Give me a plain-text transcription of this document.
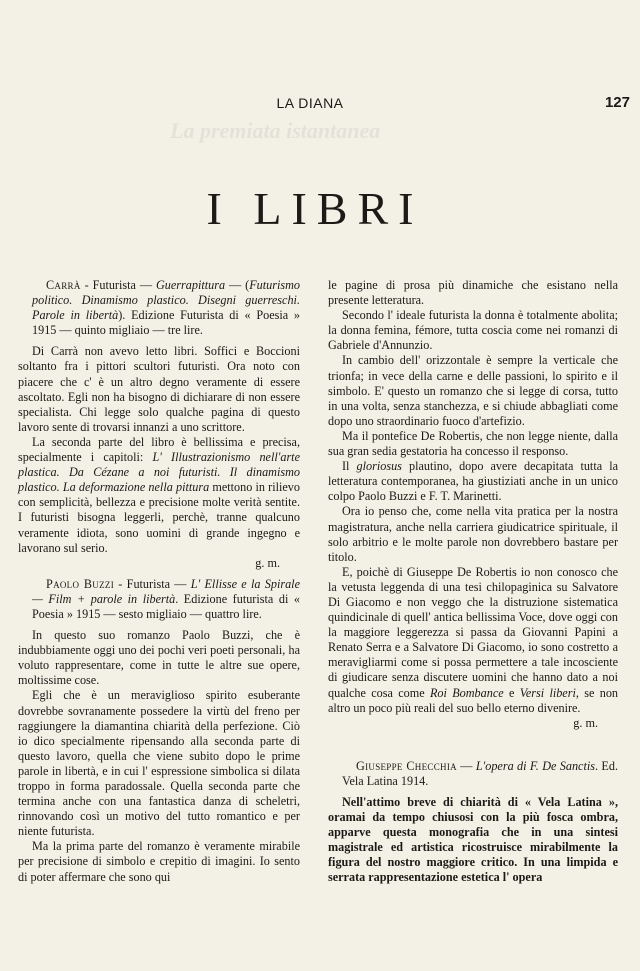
La premiata istantanea
LA DIANA	127
I LIBRI

Carrà - Futurista — Guerrapittura — (Futurismo politico. Dinamismo plastico. Disegni guerreschi. Parole in libertà). Edizione Futurista di « Poesia » 1915 — quinto migliaio — tre lire.

Di Carrà non avevo letto libri. Soffici e Boccioni soltanto fra i pittori scultori futuristi. Ora noto con piacere che c' è un altro degno veramente di essere ascoltato. Egli non ha bisogno di dichiarare di non essere specialista. Chi legge solo qualche pagina di questo lavoro sente di trovarsi innanzi a uno scrittore.

La seconda parte del libro è bellissima e precisa, specialmente i capitoli: L' Illustrazionismo nell'arte plastica. Da Cézane a noi futuristi. Il dinamismo plastico. La deformazione nella pittura mettono in rilievo con semplicità, bellezza e precisione molte verità sentite. I futuristi bisogna leggerli, perchè, tranne qualcuno veramente idiota, sono uomini di grande ingegno e lavorano sul serio.

g. m.

Paolo Buzzi - Futurista — L' Ellisse e la Spirale — Film + parole in libertà. Edizione futurista di « Poesia » 1915 — sesto migliaio — quattro lire.

In questo suo romanzo Paolo Buzzi, che è indubbiamente oggi uno dei pochi veri poeti personali, ha voluto rappresentare, come in tutte le altre sue opere, moltissime cose.

Egli che è un meraviglioso spirito esuberante dovrebbe sovranamente possedere la virtù del freno per raggiungere la diamantina chiarità della perfezione. Ciò io dico specialmente ripensando alla seconda parte di questo lavoro, quella che viene subito dopo le prime parole in libertà, e in cui l' espressione simbolica si dilata troppo in forma paradossale. Quella seconda parte che termina anche con una fantastica danza di scheletri, rinnovando così un motivo del tutto romantico e per niente futurista.

Ma la prima parte del romanzo è veramente mirabile per precisione di simbolo e crepitio di imagini. Io sento di poter affermare che sono qui

le pagine di prosa più dinamiche che esistano nella presente letteratura.

Secondo l' ideale futurista la donna è totalmente abolita; la donna femina, fémore, tutta coscia come nei romanzi di Gabriele d'Annunzio.

In cambio dell' orizzontale è sempre la verticale che trionfa; in vece della carne e delle passioni, lo spirito e il simbolo. E' questo un romanzo che si legge di corsa, tutto in una volta, senza stanchezza, e si chiude abbagliati come dopo uno straordinario fuoco d'artefizio.

Ma il pontefice De Robertis, che non legge niente, dalla sua gran sedia gestatoria ha concesso il responso.

Il gloriosus plautino, dopo avere decapitata tutta la letteratura contemporanea, ha giustiziati anche in un unico colpo Paolo Buzzi e F. T. Marinetti.

Ora io penso che, come nella vita pratica per la nostra magistratura, anche nella carriera giudicatrice spirituale, il solo arbitrio e le molte parole non dovrebbero bastare per titolo.

E, poichè di Giuseppe De Robertis io non conosco che la vetusta leggenda di una tesi chilopaginica su Salvatore Di Giacomo e non veggo che la distruzione sistematica quindicinale di quell' antica bellissima Voce, dove oggi con la maggiore leggerezza si passa da Giovanni Papini a Renato Serra e a Salvatore Di Giacomo, io sono costretto a meravigliarmi come si possa permettere a tale incosciente di giudicare senza discutere uomini che hanno dato a noi qualche cosa come Roi Bombance e Versi liberi, se non altro un poco più reali del suo bello eterno divenire.

g. m.

Giuseppe Checchia — L'opera di F. De Sanctis. Ed. Vela Latina 1914.

Nell'attimo breve di chiarità di « Vela Latina », oramai da tempo chiusosi con la più fosca ombra, apparve questa monografia che in una sintesi magistrale ed artistica ricostruisce mirabilmente la figura del nostro maggiore critico. In una limpida e serrata rappresentazione estetica l' opera
